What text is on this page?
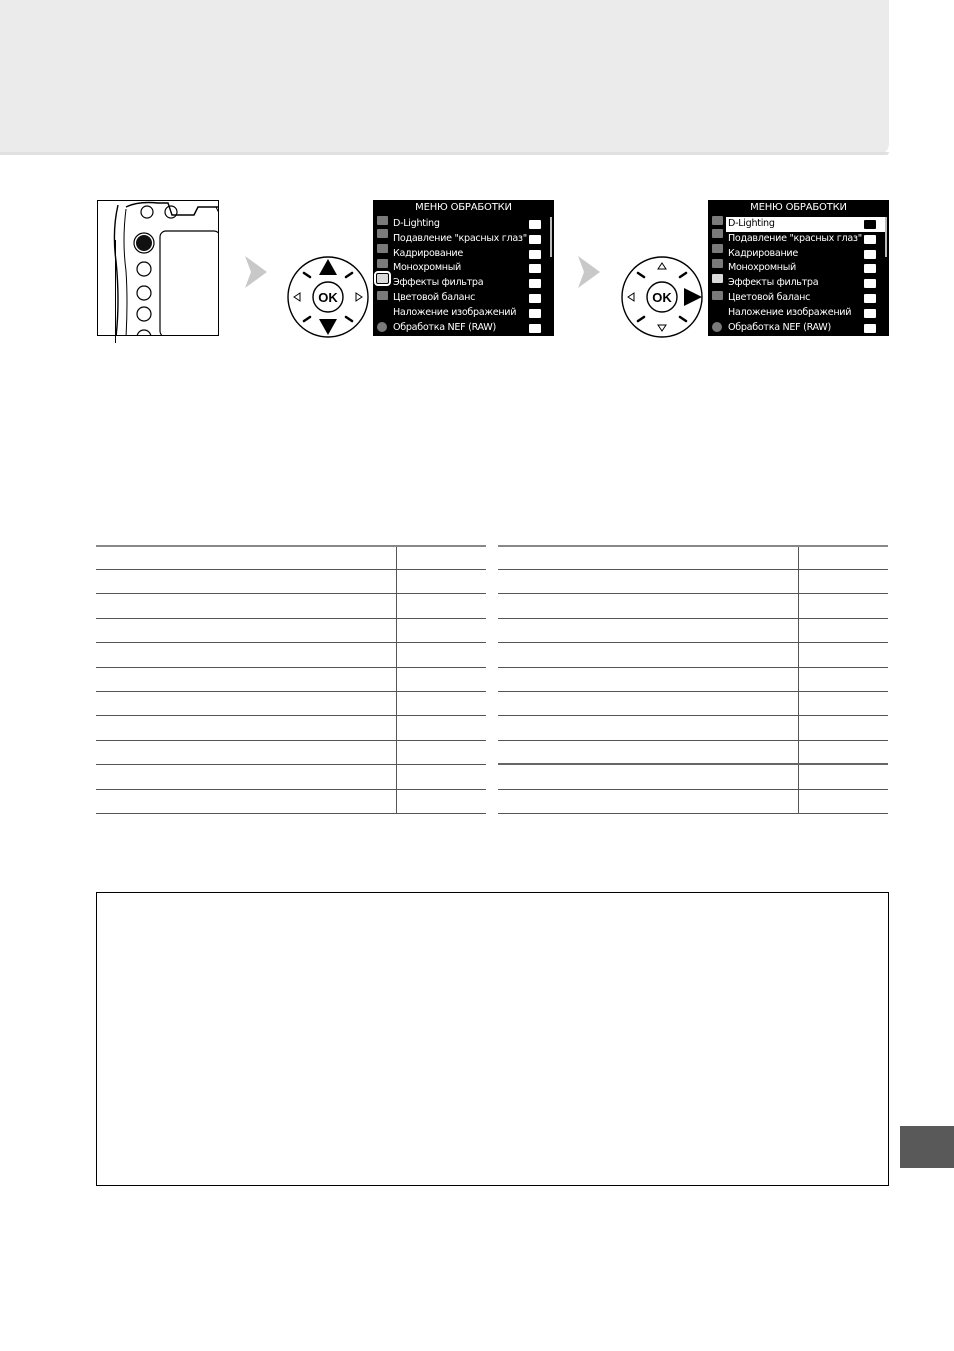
OK
МЕНЮ ОБРАБОТКИ
D-Lighting
Подавление "красных глаз"
Кадрирование
Монохромный
Эффекты фильтра
Цветовой баланс
Наложение изображений
Обработка NEF (RAW)
OK
МЕНЮ ОБРАБОТКИ
D-Lighting
Подавление "красных глаз"
Кадрирование
Монохромный
Эффекты фильтра
Цветовой баланс
Наложение изображений
Обработка NEF (RAW)
